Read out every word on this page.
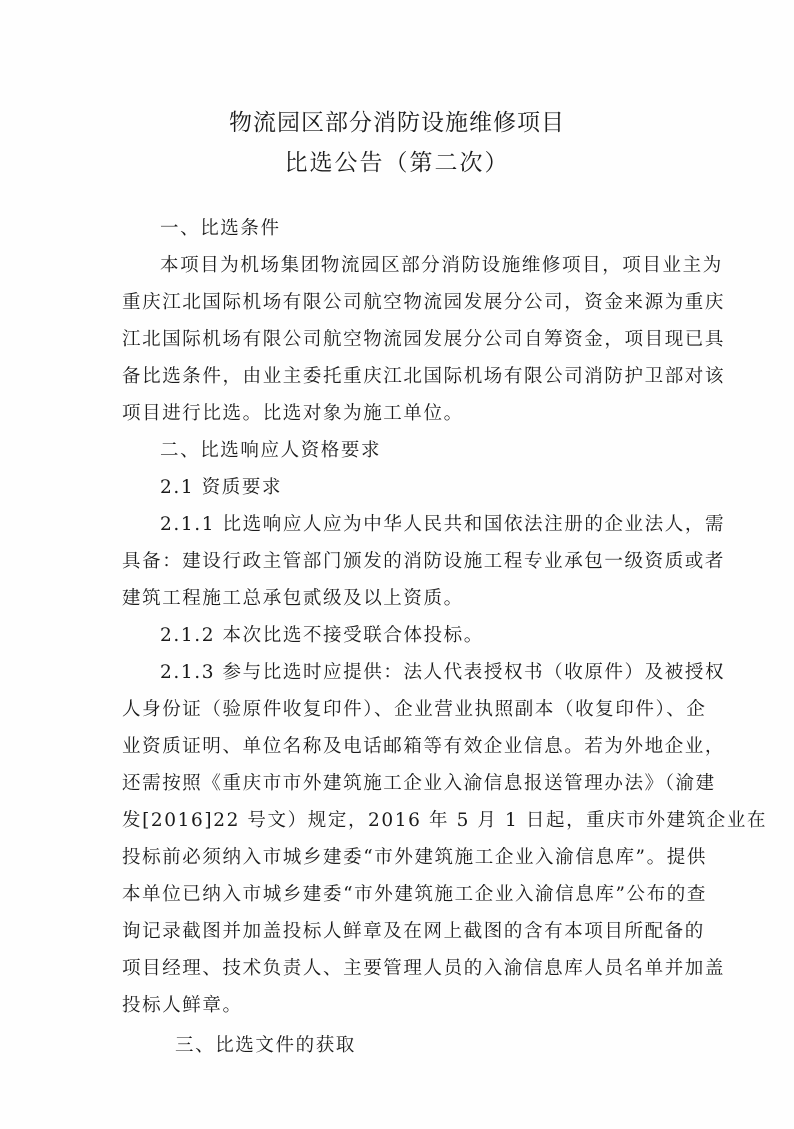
物流园区部分消防设施维修项目
比选公告（第二次）
一、比选条件
本项目为机场集团物流园区部分消防设施维修项目，项目业主为
重庆江北国际机场有限公司航空物流园发展分公司，资金来源为重庆
江北国际机场有限公司航空物流园发展分公司自筹资金，项目现已具
备比选条件，由业主委托重庆江北国际机场有限公司消防护卫部对该
项目进行比选。比选对象为施工单位。
二、比选响应人资格要求
2.1 资质要求
2.1.1 比选响应人应为中华人民共和国依法注册的企业法人，需
具备：建设行政主管部门颁发的消防设施工程专业承包一级资质或者
建筑工程施工总承包贰级及以上资质。
2.1.2 本次比选不接受联合体投标。
2.1.3 参与比选时应提供：法人代表授权书（收原件）及被授权
人身份证（验原件收复印件）、企业营业执照副本（收复印件）、企
业资质证明、单位名称及电话邮箱等有效企业信息。若为外地企业，
还需按照《重庆市市外建筑施工企业入渝信息报送管理办法》（渝建
发[2016]22 号文）规定，2016 年 5 月 1 日起，重庆市外建筑企业在
投标前必须纳入市城乡建委“市外建筑施工企业入渝信息库”。提供
本单位已纳入市城乡建委“市外建筑施工企业入渝信息库”公布的查
询记录截图并加盖投标人鲜章及在网上截图的含有本项目所配备的
项目经理、技术负责人、主要管理人员的入渝信息库人员名单并加盖
投标人鲜章。
三、比选文件的获取
